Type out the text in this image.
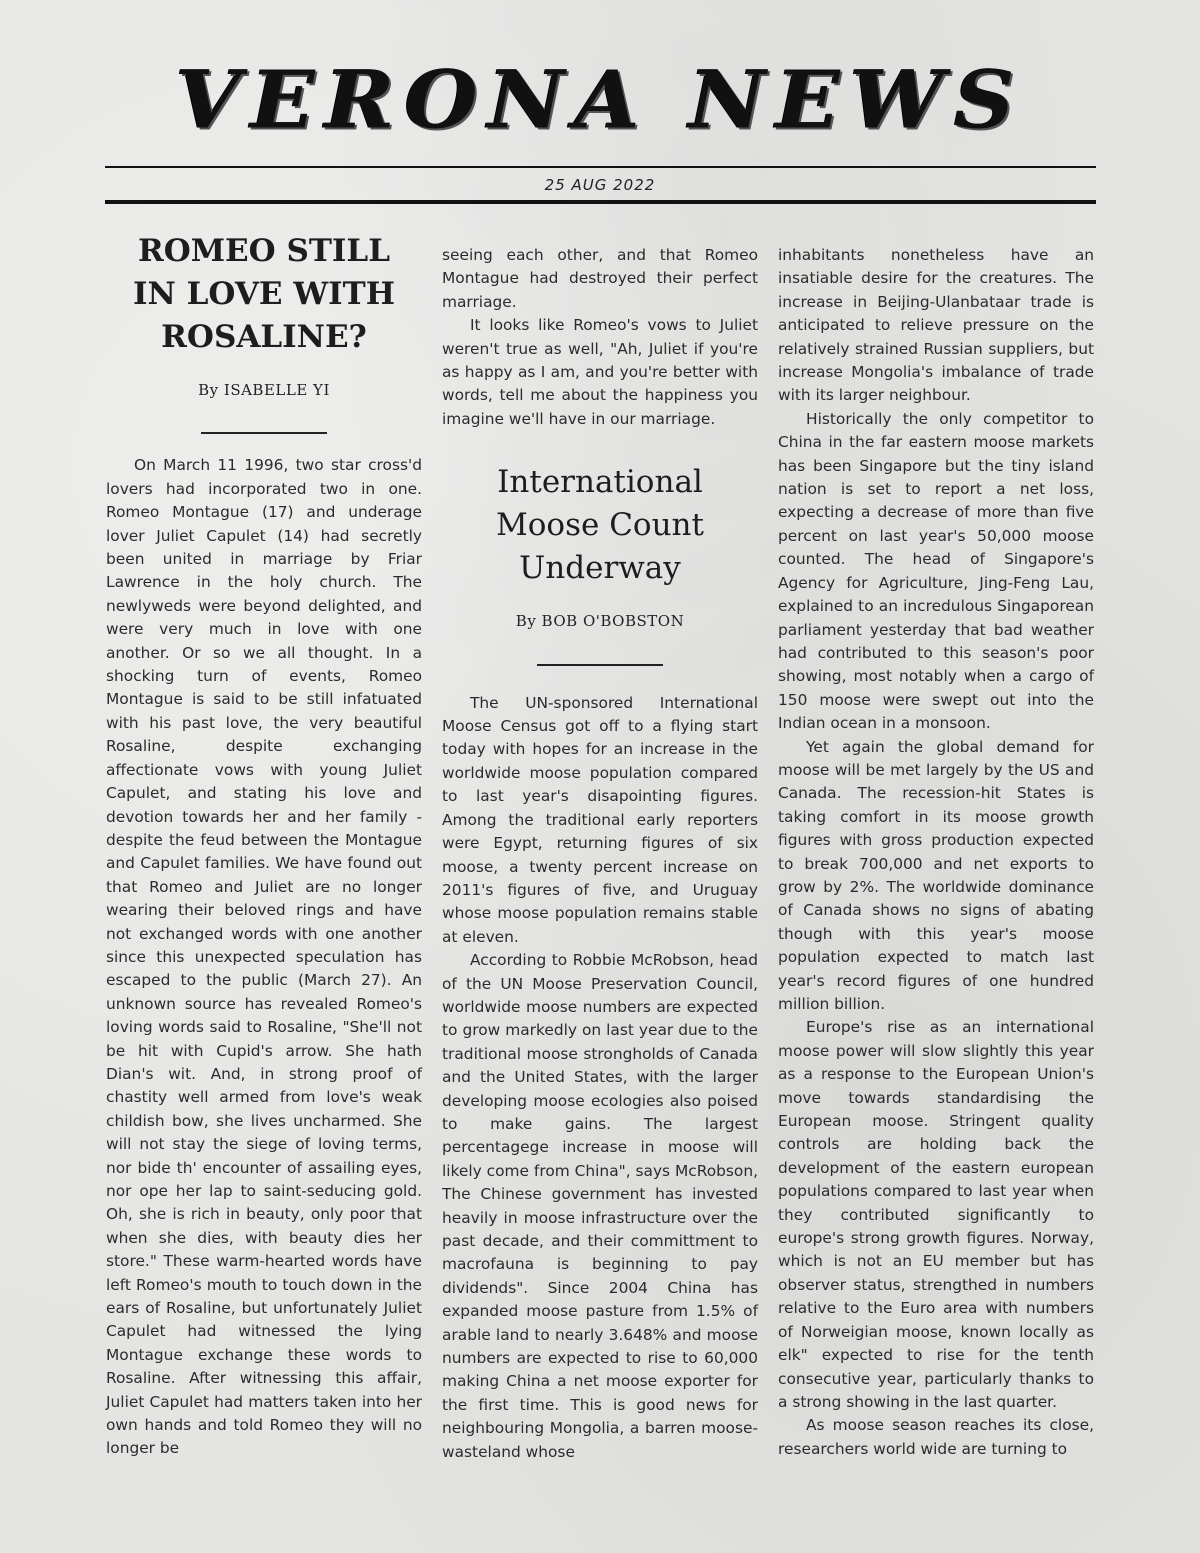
VERONA NEWS
25 AUG 2022
ROMEO STILL IN LOVE WITH ROSALINE?

By ISABELLE YI

On March 11 1996, two star cross'd lovers had incorporated two in one. Romeo Montague (17) and underage lover Juliet Capulet (14) had secretly been united in marriage by Friar Lawrence in the holy church. The newlyweds were beyond delighted, and were very much in love with one another. Or so we all thought. In a shocking turn of events, Romeo Montague is said to be still infatuated with his past love, the very beautiful Rosaline, despite exchanging affectionate vows with young Juliet Capulet, and stating his love and devotion towards her and her family - despite the feud between the Montague and Capulet families. We have found out that Romeo and Juliet are no longer wearing their beloved rings and have not exchanged words with one another since this unexpected speculation has escaped to the public (March 27). An unknown source has revealed Romeo's loving words said to Rosaline, "She'll not be hit with Cupid's arrow. She hath Dian's wit. And, in strong proof of chastity well armed from love's weak childish bow, she lives uncharmed. She will not stay the siege of loving terms, nor bide th' encounter of assailing eyes, nor ope her lap to saint-seducing gold. Oh, she is rich in beauty, only poor that when she dies, with beauty dies her store." These warm-hearted words have left Romeo's mouth to touch down in the ears of Rosaline, but unfortunately Juliet Capulet had witnessed the lying Montague exchange these words to Rosaline. After witnessing this affair, Juliet Capulet had matters taken into her own hands and told Romeo they will no longer be

seeing each other, and that Romeo Montague had destroyed their perfect marriage.

It looks like Romeo's vows to Juliet weren't true as well, "Ah, Juliet if you're as happy as I am, and you're better with words, tell me about the happiness you imagine we'll have in our marriage.

International Moose Count Underway

By BOB O'BOBSTON

The UN-sponsored International Moose Census got off to a flying start today with hopes for an increase in the worldwide moose population compared to last year's disapointing figures. Among the traditional early reporters were Egypt, returning figures of six moose, a twenty percent increase on 2011's figures of five, and Uruguay whose moose population remains stable at eleven.

According to Robbie McRobson, head of the UN Moose Preservation Council, worldwide moose numbers are expected to grow markedly on last year due to the traditional moose strongholds of Canada and the United States, with the larger developing moose ecologies also poised to make gains. The largest percentagege increase in moose will likely come from China", says McRobson, The Chinese government has invested heavily in moose infrastructure over the past decade, and their committment to macrofauna is beginning to pay dividends". Since 2004 China has expanded moose pasture from 1.5% of arable land to nearly 3.648% and moose numbers are expected to rise to 60,000 making China a net moose exporter for the first time. This is good news for neighbouring Mongolia, a barren moose-wasteland whose

inhabitants nonetheless have an insatiable desire for the creatures. The increase in Beijing-Ulanbataar trade is anticipated to relieve pressure on the relatively strained Russian suppliers, but increase Mongolia's imbalance of trade with its larger neighbour.

Historically the only competitor to China in the far eastern moose markets has been Singapore but the tiny island nation is set to report a net loss, expecting a decrease of more than five percent on last year's 50,000 moose counted. The head of Singapore's Agency for Agriculture, Jing-Feng Lau, explained to an incredulous Singaporean parliament yesterday that bad weather had contributed to this season's poor showing, most notably when a cargo of 150 moose were swept out into the Indian ocean in a monsoon.

Yet again the global demand for moose will be met largely by the US and Canada. The recession-hit States is taking comfort in its moose growth figures with gross production expected to break 700,000 and net exports to grow by 2%. The worldwide dominance of Canada shows no signs of abating though with this year's moose population expected to match last year's record figures of one hundred million billion.

Europe's rise as an international moose power will slow slightly this year as a response to the European Union's move towards standardising the European moose. Stringent quality controls are holding back the development of the eastern european populations compared to last year when they contributed significantly to europe's strong growth figures. Norway, which is not an EU member but has observer status, strengthed in numbers relative to the Euro area with numbers of Norweigian moose, known locally as elk" expected to rise for the tenth consecutive year, particularly thanks to a strong showing in the last quarter.

As moose season reaches its close, researchers world wide are turning to
